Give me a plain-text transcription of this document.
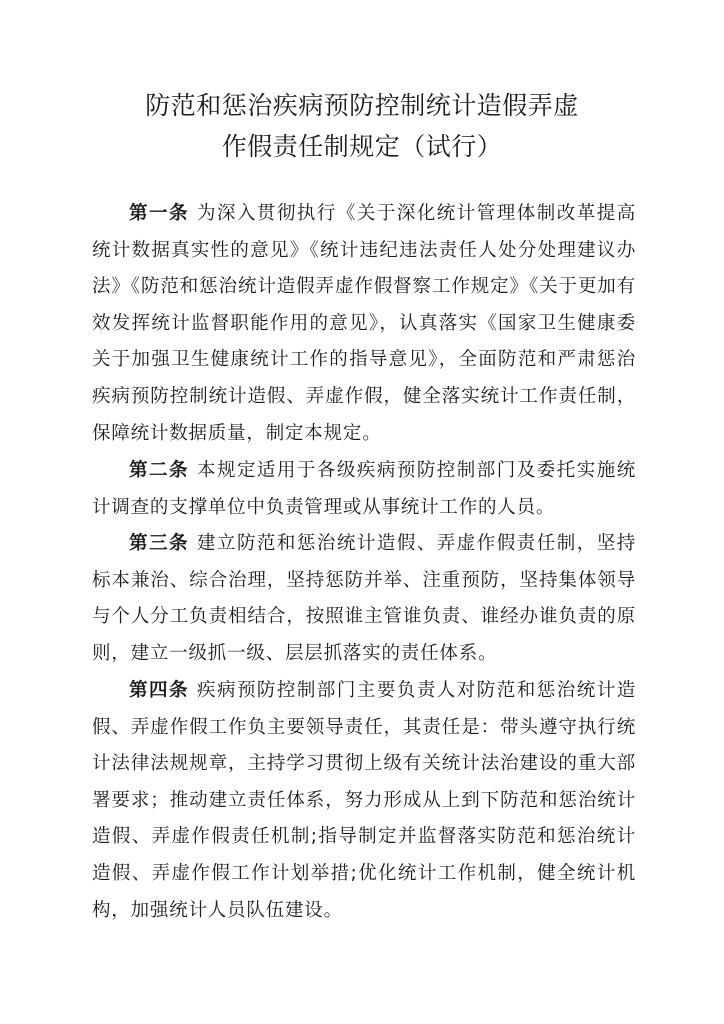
防范和惩治疾病预防控制统计造假弄虚
作假责任制规定（试行）

第一条 为深入贯彻执行《关于深化统计管理体制改革提高统计数据真实性的意见》《统计违纪违法责任人处分处理建议办法》《防范和惩治统计造假弄虚作假督察工作规定》《关于更加有效发挥统计监督职能作用的意见》，认真落实《国家卫生健康委关于加强卫生健康统计工作的指导意见》，全面防范和严肃惩治疾病预防控制统计造假、弄虚作假，健全落实统计工作责任制，保障统计数据质量，制定本规定。

第二条 本规定适用于各级疾病预防控制部门及委托实施统计调查的支撑单位中负责管理或从事统计工作的人员。

第三条 建立防范和惩治统计造假、弄虚作假责任制，坚持标本兼治、综合治理，坚持惩防并举、注重预防，坚持集体领导与个人分工负责相结合，按照谁主管谁负责、谁经办谁负责的原则，建立一级抓一级、层层抓落实的责任体系。

第四条 疾病预防控制部门主要负责人对防范和惩治统计造假、弄虚作假工作负主要领导责任，其责任是：带头遵守执行统计法律法规规章，主持学习贯彻上级有关统计法治建设的重大部署要求；推动建立责任体系，努力形成从上到下防范和惩治统计造假、弄虚作假责任机制;指导制定并监督落实防范和惩治统计造假、弄虚作假工作计划举措;优化统计工作机制，健全统计机构，加强统计人员队伍建设。
